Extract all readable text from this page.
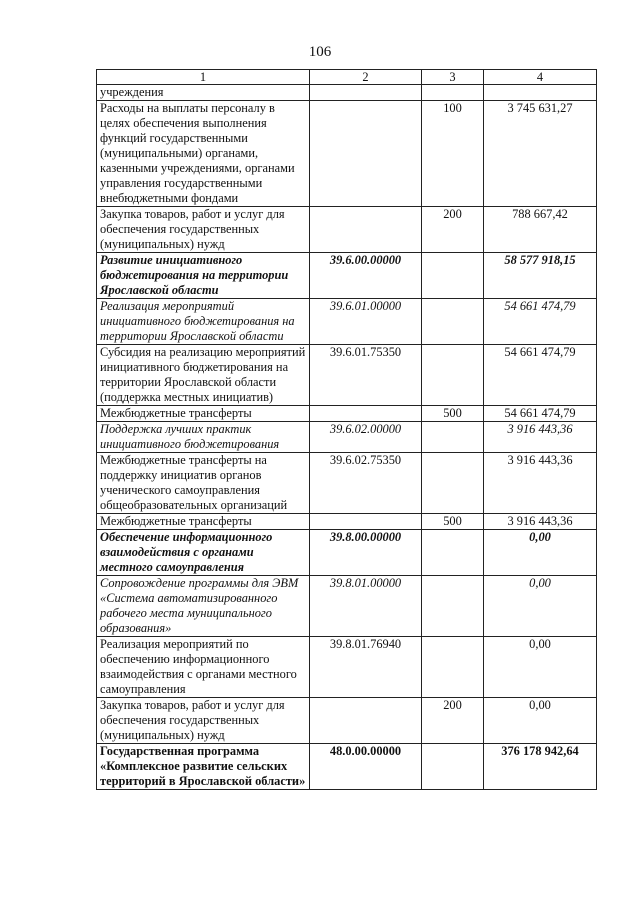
106
1	2	3	4
учреждения			
Расходы на выплаты персоналу в целях обеспечения выполнения функций государственными (муниципальными) органами, казенными учреждениями, органами управления государственными внебюджетными фондами		100	3 745 631,27
Закупка товаров, работ и услуг для обеспечения государственных (муниципальных) нужд		200	788 667,42
Развитие инициативного бюджетирования на территории Ярославской области	39.6.00.00000		58 577 918,15
Реализация мероприятий инициативного бюджетирования на территории Ярославской области	39.6.01.00000		54 661 474,79
Субсидия на реализацию мероприятий инициативного бюджетирования на территории Ярославской области (поддержка местных инициатив)	39.6.01.75350		54 661 474,79
Межбюджетные трансферты		500	54 661 474,79
Поддержка лучших практик инициативного бюджетирования	39.6.02.00000		3 916 443,36
Межбюджетные трансферты на поддержку инициатив органов ученического самоуправления общеобразовательных организаций	39.6.02.75350		3 916 443,36
Межбюджетные трансферты		500	3 916 443,36
Обеспечение информационного взаимодействия с органами местного самоуправления	39.8.00.00000		0,00
Сопровождение программы для ЭВМ «Система автоматизированного рабочего места муниципального образования»	39.8.01.00000		0,00
Реализация мероприятий по обеспечению информационного взаимодействия с органами местного самоуправления	39.8.01.76940		0,00
Закупка товаров, работ и услуг для обеспечения государственных (муниципальных) нужд		200	0,00
Государственная программа «Комплексное развитие сельских территорий в Ярославской области»	48.0.00.00000		376 178 942,64
